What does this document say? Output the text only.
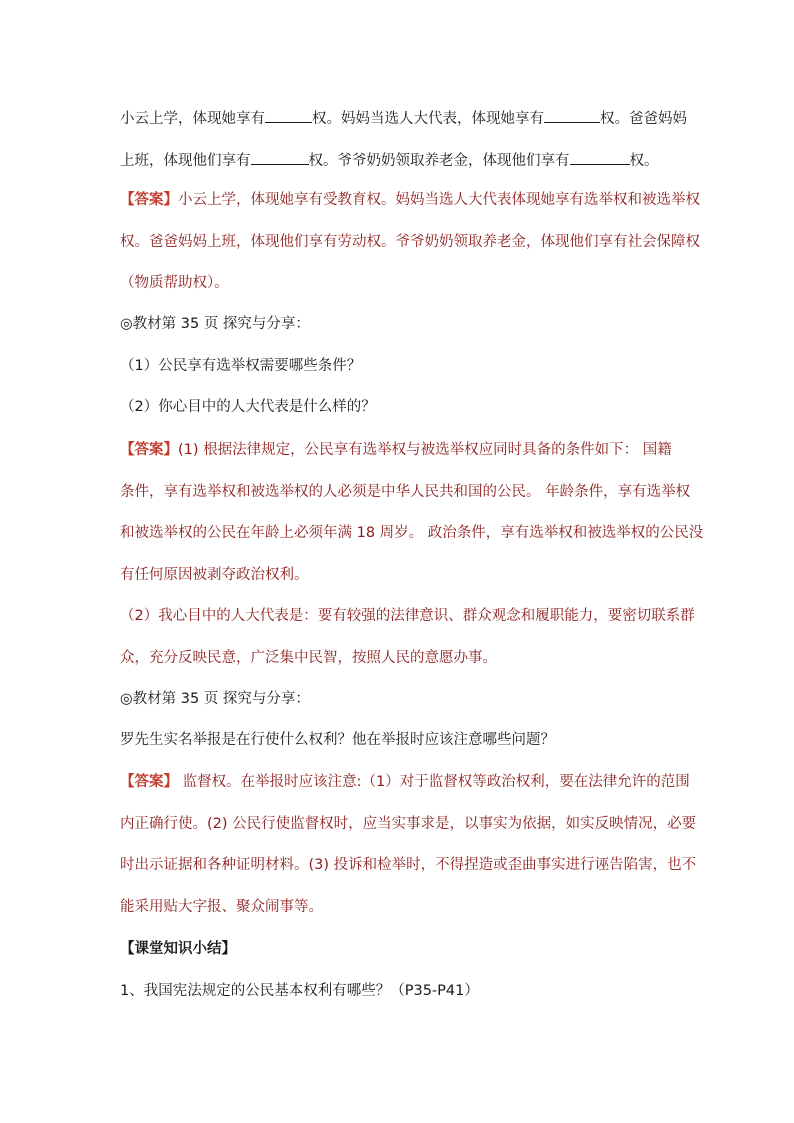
小云上学，体现她享有	权。妈妈当选人大代表，体现她享有	权。爸爸妈妈
上班，体现他们享有	权。爷爷奶奶领取养老金，体现他们享有	权。
【答案】小云上学，体现她享有受教育权。妈妈当选人大代表体现她享有选举权和被选举权
权。爸爸妈妈上班，体现他们享有劳动权。爷爷奶奶领取养老金，体现他们享有社会保障权
（物质帮助权）。
◎教材第 35 页 探究与分享：
（1）公民享有选举权需要哪些条件？
（2）你心目中的人大代表是什么样的？
【答案】(1) 根据法律规定，公民享有选举权与被选举权应同时具备的条件如下： 国籍
条件，享有选举权和被选举权的人必须是中华人民共和国的公民。 年龄条件，享有选举权
和被选举权的公民在年龄上必须年满 18 周岁。 政治条件，享有选举权和被选举权的公民没
有任何原因被剥夺政治权利。
（2）我心目中的人大代表是：要有较强的法律意识、群众观念和履职能力，要密切联系群
众，充分反映民意，广泛集中民智，按照人民的意愿办事。
◎教材第 35 页 探究与分享：
罗先生实名举报是在行使什么权利？他在举报时应该注意哪些问题？
【答案】 监督权。在举报时应该注意:（1）对于监督权等政治权利，要在法律允许的范围
内正确行使。(2) 公民行使监督权时，应当实事求是，以事实为依据，如实反映情况，必要
时出示证据和各种证明材料。(3) 投诉和检举时，不得捏造或歪曲事实进行诬告陷害，也不
能采用贴大字报、聚众闹事等。
【课堂知识小结】
1、我国宪法规定的公民基本权利有哪些？（P35-P41）
